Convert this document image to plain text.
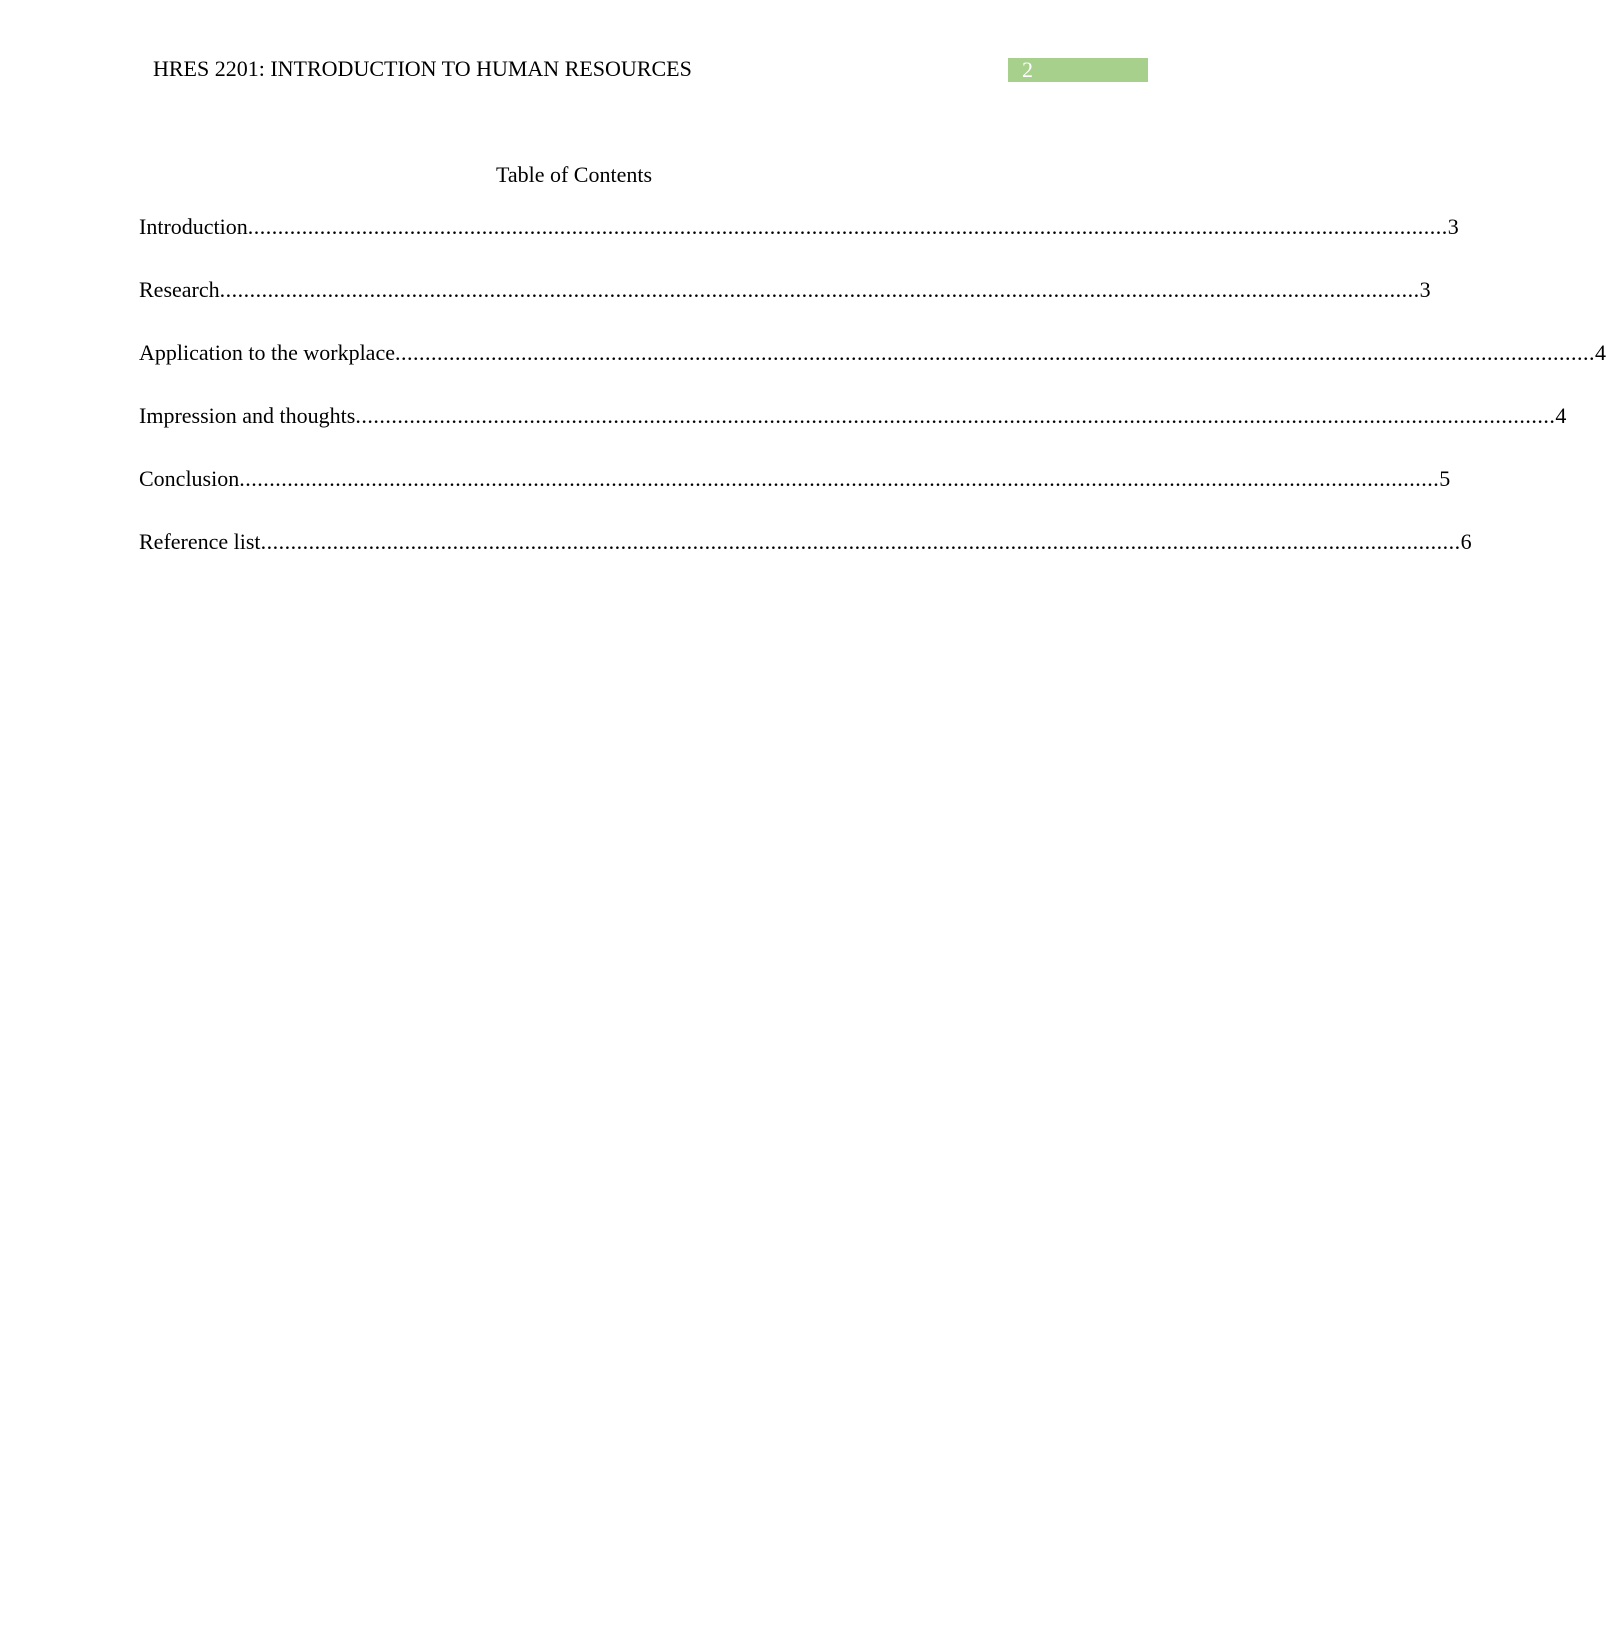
HRES 2201: INTRODUCTION TO HUMAN RESOURCES	2
Table of Contents
Introduction ........................................................................................................................................................................................................ 3
Research ........................................................................................................................................................................................................ 3
Application to the workplace ........................................................................................................................................................................................................ 4
Impression and thoughts ........................................................................................................................................................................................................ 4
Conclusion ........................................................................................................................................................................................................ 5
Reference list ........................................................................................................................................................................................................ 6
